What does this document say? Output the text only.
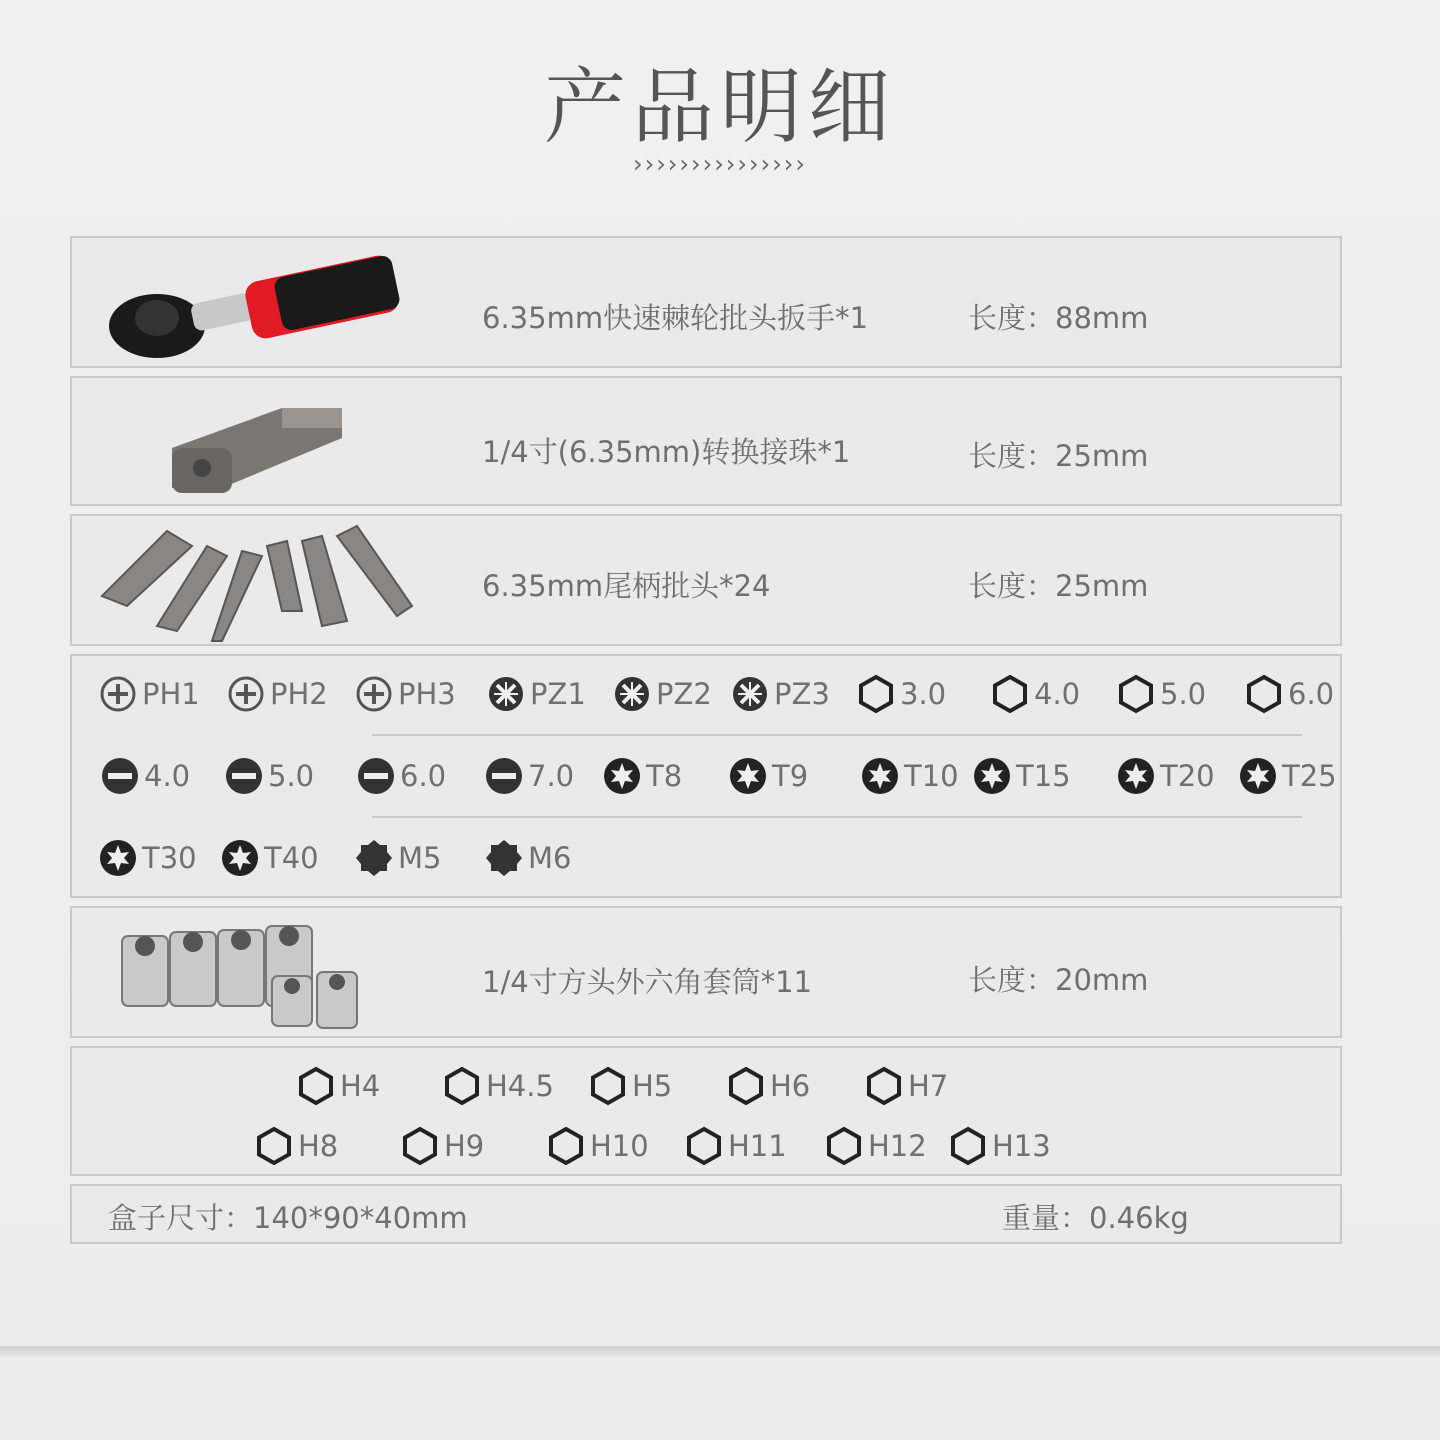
产品明细
›››››››››››››››
6.35mm快速棘轮批头扳手*1	长度：88mm
1/4寸(6.35mm)转换接珠*1	长度：25mm
6.35mm尾柄批头*24	长度：25mm
PH1 PH2 PH3	PZ1 PZ2 PZ3 3.0	4.0	5.0	6.0
4.0	5.0	6.0	7.0 T8	T9	T10 T15	T20 T25
T30 T40	M5	M6
1/4寸方头外六角套筒*11	长度：20mm
H4	H4.5	H5	H6	H7
H8	H9	H10	H11	H12 H13
盒子尺寸：140*90*40mm	重量：0.46kg
